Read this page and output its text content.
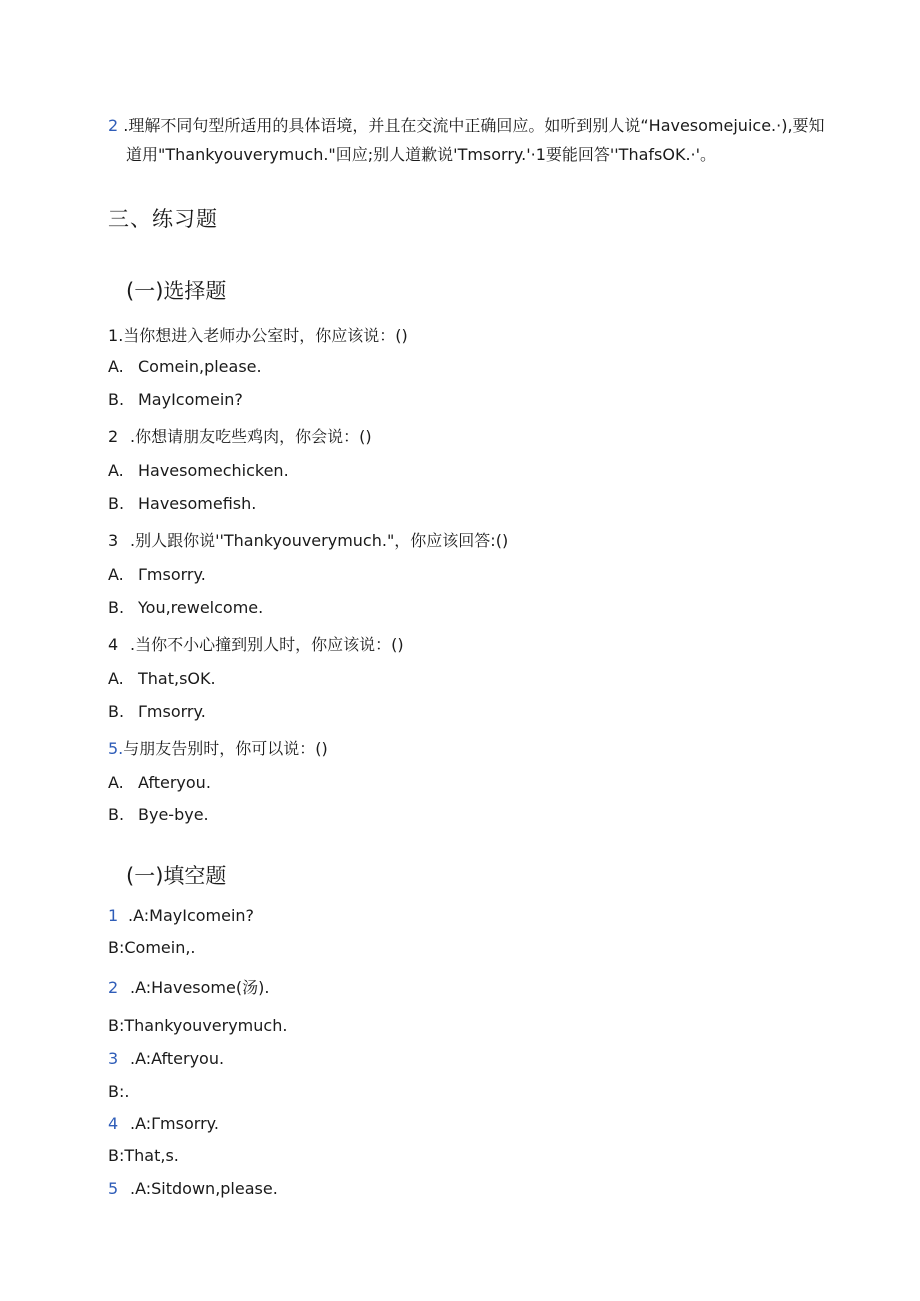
2 .理解不同句型所适用的具体语境，并且在交流中正确回应。如听到别人说“Havesomejuice.·),要知
道用"Thankyouverymuch."回应;别人道歉说'Tmsorry.'·1要能回答''ThafsOK.·'。
三、练习题
(一)选择题
1.当你想进入老师办公室时，你应该说：()
A. Comein,please.
B. MayIcomein?
2 .你想请朋友吃些鸡肉，你会说：()
A. Havesomechicken.
B. Havesomefish.
3 .别人跟你说''Thankyouverymuch."，你应该回答:()
A. Γmsorry.
B. You,rewelcome.
4 .当你不小心撞到别人时，你应该说：()
A. That,sOK.
B. Γmsorry.
5.与朋友告别时，你可以说：()
A. Afteryou.
B. Bye-bye.
(一)填空题
1 .A:MayIcomein?
B:Comein,.
2 .A:Havesome(汤).
B:Thankyouverymuch.
3 .A:Afteryou.
B:.
4 .A:Γmsorry.
B:That,s.
5 .A:Sitdown,please.
